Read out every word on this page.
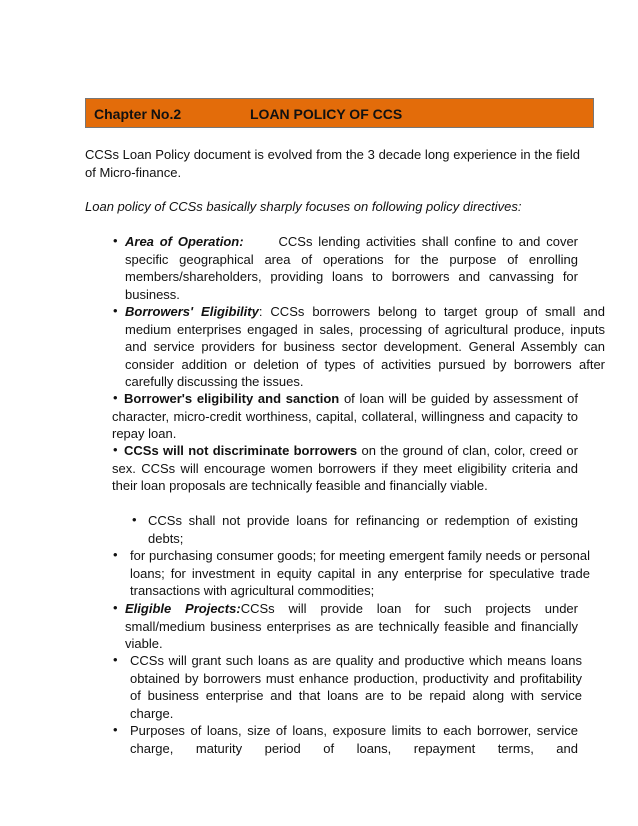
Chapter No.2	LOAN POLICY OF CCS
CCSs Loan Policy document is evolved from the 3 decade long experience in the field of Micro-finance.
Loan policy of CCSs basically sharply focuses on following policy directives:
• Area of Operation:	CCSs lending activities shall confine to and cover specific geographical area of operations for the purpose of enrolling members/shareholders, providing loans to borrowers and canvassing for business.
• Borrowers' Eligibility: CCSs borrowers belong to target group of small and medium enterprises engaged in sales, processing of agricultural produce, inputs and service providers for business sector development. General Assembly can consider addition or deletion of types of activities pursued by borrowers after carefully discussing the issues.
• Borrower's eligibility and sanction of loan will be guided by assessment of character, micro-credit worthiness, capital, collateral, willingness and capacity to repay loan.
• CCSs will not discriminate borrowers on the ground of clan, color, creed or sex. CCSs will encourage women borrowers if they meet eligibility criteria and their loan proposals are technically feasible and financially viable.
• CCSs shall not provide loans for refinancing or redemption of existing debts;
• for purchasing consumer goods; for meeting emergent family needs or personal loans; for investment in equity capital in any enterprise for speculative trade transactions with agricultural commodities;
• Eligible Projects:CCSs will provide loan for such projects under small/medium business enterprises as are technically feasible and financially viable.
• CCSs will grant such loans as are quality and productive which means loans obtained by borrowers must enhance production, productivity and profitability of business enterprise and that loans are to be repaid along with service charge.
• Purposes of loans, size of loans, exposure limits to each borrower, service charge, maturity period of loans, repayment terms, and
